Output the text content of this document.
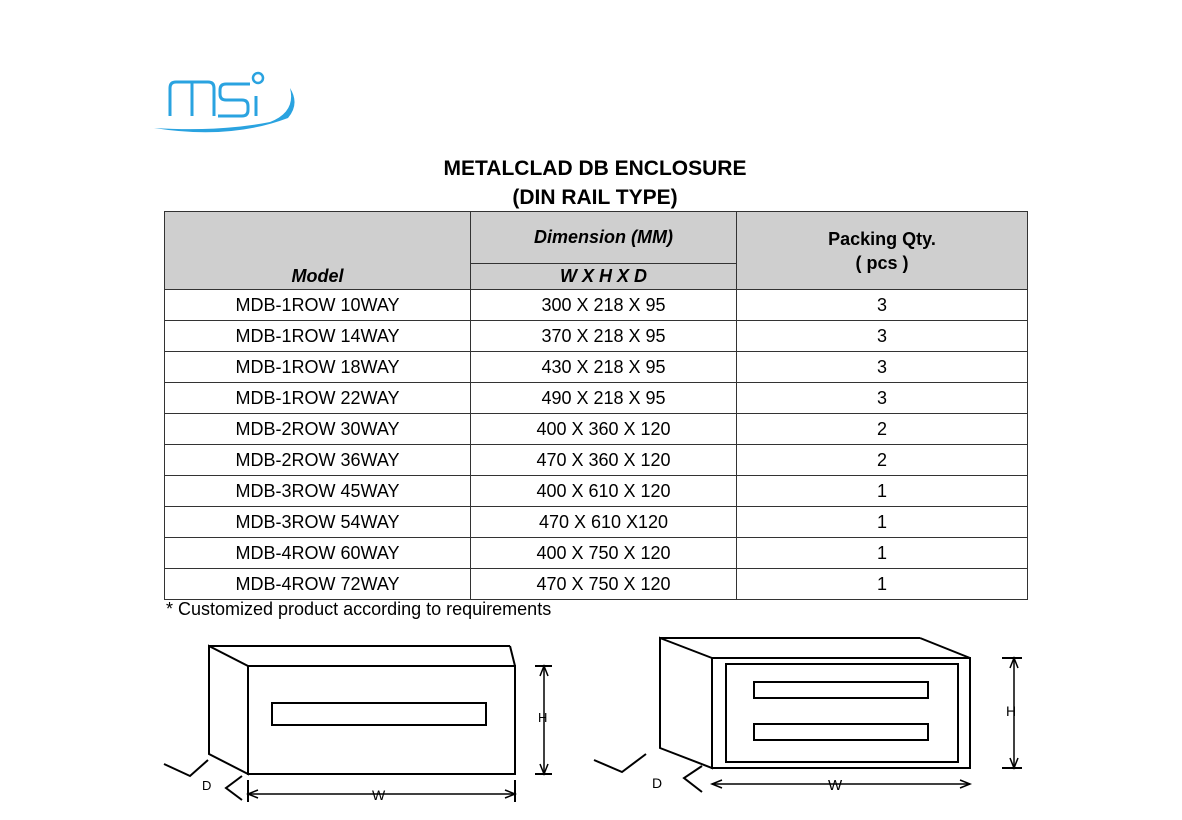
METALCLAD DB ENCLOSURE
(DIN RAIL TYPE)
Model	Dimension (MM)	Packing Qty.
( pcs )

	W X H X D	
MDB-1ROW 10WAY	300 X 218 X 95	3
MDB-1ROW 14WAY	370 X 218 X 95	3
MDB-1ROW 18WAY	430 X 218 X 95	3
MDB-1ROW 22WAY	490 X 218 X 95	3
MDB-2ROW 30WAY	400 X 360 X 120	2
MDB-2ROW 36WAY	470 X 360 X 120	2
MDB-3ROW 45WAY	400 X 610 X 120	1
MDB-3ROW 54WAY	470 X 610 X120	1
MDB-4ROW 60WAY	400 X 750 X 120	1
MDB-4ROW 72WAY	470 X 750 X 120	1
* Customized product according to requirements
H
W
D
H
W
D
